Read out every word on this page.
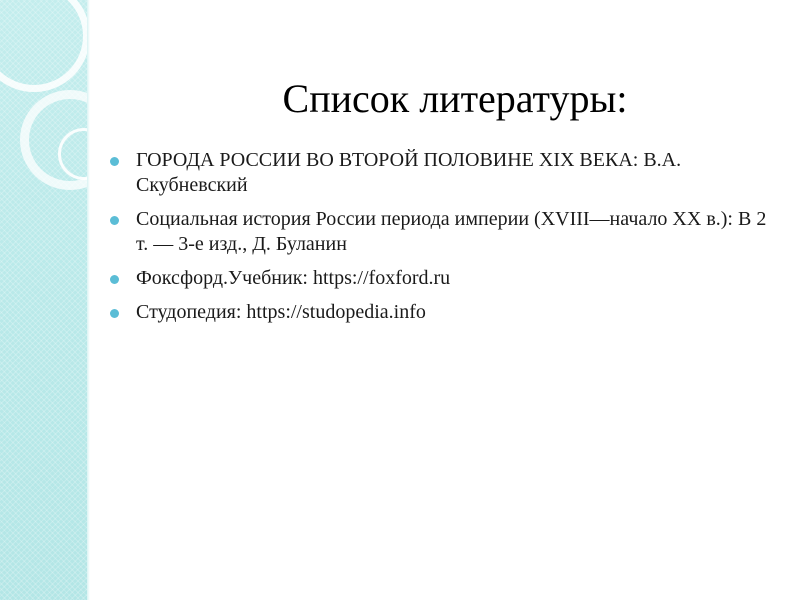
Список литературы:
ГОРОДА РОССИИ ВО ВТОРОЙ ПОЛОВИНЕ XIX ВЕКА: В.А. Скубневский
Социальная история России периода империи (XVIII—начало XX в.): В 2 т. — 3-е изд., Д. Буланин
Фоксфорд.Учебник: https://foxford.ru
Студопедия: https://studopedia.info
